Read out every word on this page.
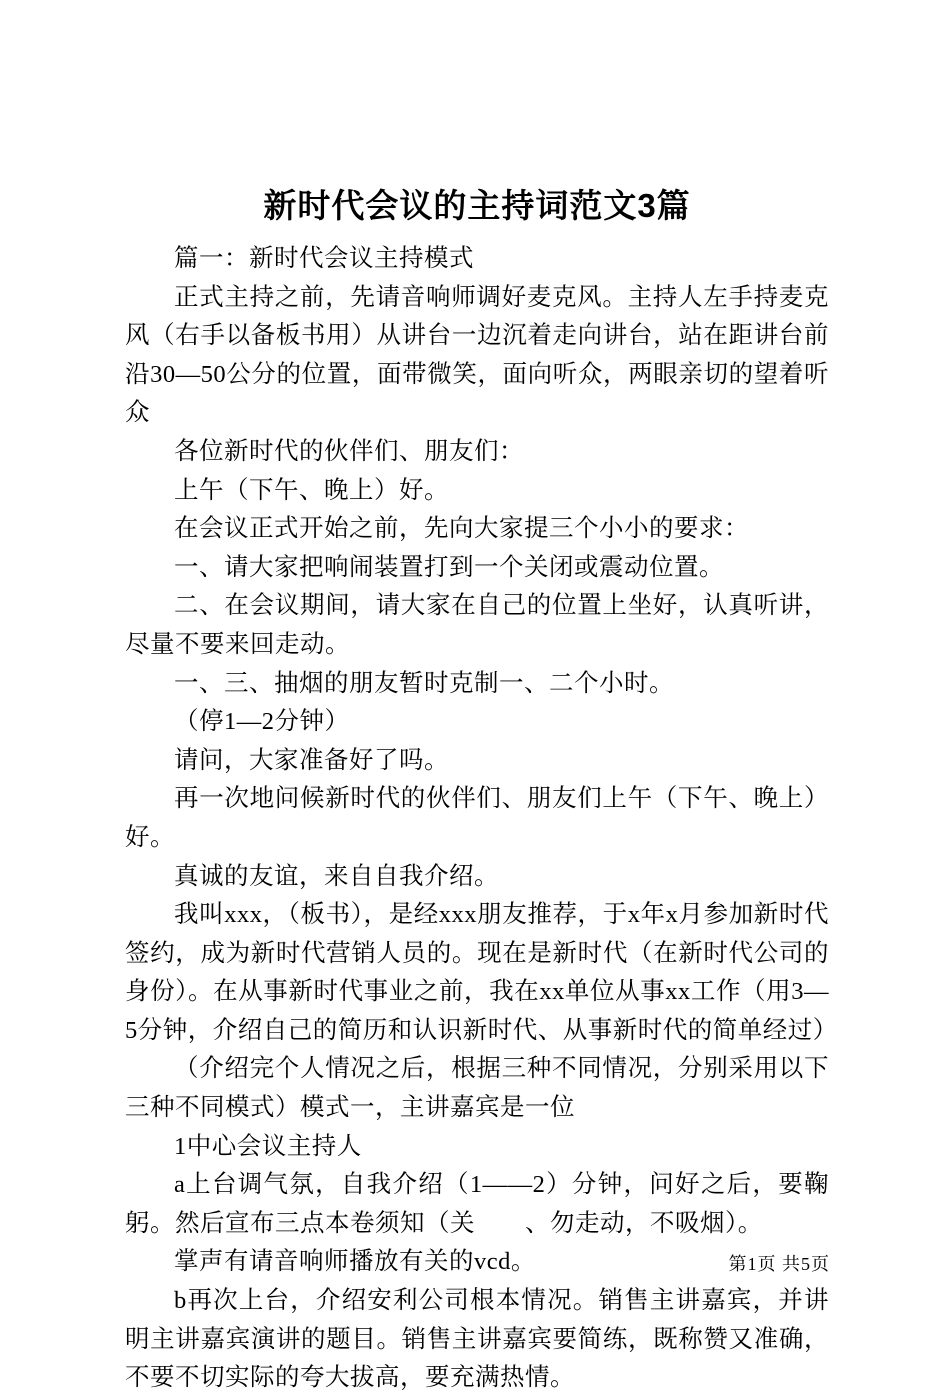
新时代会议的主持词范文3篇

篇一：新时代会议主持模式

正式主持之前，先请音响师调好麦克风。主持人左手持麦克风（右手以备板书用）从讲台一边沉着走向讲台，站在距讲台前沿30—50公分的位置，面带微笑，面向听众，两眼亲切的望着听众

各位新时代的伙伴们、朋友们：

上午（下午、晚上）好。

在会议正式开始之前，先向大家提三个小小的要求：

一、请大家把响闹装置打到一个关闭或震动位置。

二、在会议期间，请大家在自己的位置上坐好，认真听讲，尽量不要来回走动。

一、三、抽烟的朋友暂时克制一、二个小时。

（停1—2分钟）

请问，大家准备好了吗。

再一次地问候新时代的伙伴们、朋友们上午（下午、晚上）好。

真诚的友谊，来自自我介绍。

我叫xxx，（板书），是经xxx朋友推荐，于x年x月参加新时代签约，成为新时代营销人员的。现在是新时代（在新时代公司的身份）。在从事新时代事业之前，我在xx单位从事xx工作（用3—5分钟，介绍自己的简历和认识新时代、从事新时代的简单经过）

（介绍完个人情况之后，根据三种不同情况，分别采用以下三种不同模式）模式一，主讲嘉宾是一位

1中心会议主持人

a上台调气氛，自我介绍（1——2）分钟，问好之后，要鞠躬。然后宣布三点本卷须知（关　　、勿走动，不吸烟）。

掌声有请音响师播放有关的vcd。

b再次上台，介绍安利公司根本情况。销售主讲嘉宾，并讲明主讲嘉宾演讲的题目。销售主讲嘉宾要简练，既称赞又准确，不要不切实际的夸大拔高，要充满热情。

第1页 共5页
